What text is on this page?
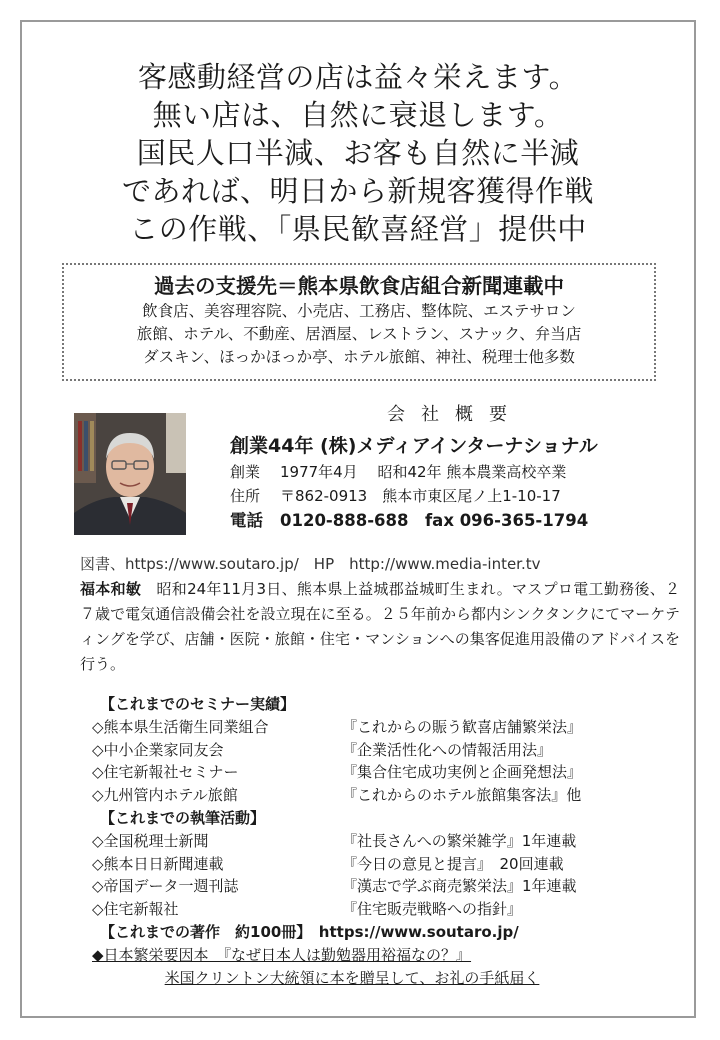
客感動経営の店は益々栄えます。
無い店は、自然に衰退します。
国民人口半減、お客も自然に半減
であれば、明日から新規客獲得作戦
この作戦、「県民歓喜経営」提供中
過去の支援先＝熊本県飲食店組合新聞連載中
飲食店、美容理容院、小売店、工務店、整体院、エステサロン
旅館、ホテル、不動産、居酒屋、レストラン、スナック、弁当店
ダスキン、ほっかほっか亭、ホテル旅館、神社、税理士他多数
会社概要
創業44年 (株)メディアインターナショナル
創業 1977年4月　 昭和42年 熊本農業高校卒業
住所 〒862-0913　熊本市東区尾ノ上1-10-17
電話 0120-888-688　fax 096-365-1794
図書、https://www.soutaro.jp/　HP　http://www.media-inter.tv
福本和敏　昭和24年11月3日、熊本県上益城郡益城町生まれ。マスプロ電工勤務後、２７歳で電気通信設備会社を設立現在に至る。２５年前から都内シンクタンクにてマーケティングを学び、店舗・医院・旅館・住宅・マンションへの集客促進用設備のアドバイスを行う。
【これまでのセミナー実績】
◇熊本県生活衛生同業組合	『これからの賑う歓喜店舗繁栄法』
◇中小企業家同友会	『企業活性化への情報活用法』
◇住宅新報社セミナー	『集合住宅成功実例と企画発想法』
◇九州管内ホテル旅館	『これからのホテル旅館集客法』他
【これまでの執筆活動】
◇全国税理士新聞	『社長さんへの繁栄雑学』1年連載
◇熊本日日新聞連載	『今日の意見と提言』　20回連載
◇帝国データ一週刊誌	『漢志で学ぶ商売繁栄法』1年連載
◇住宅新報社	『住宅販売戦略への指針』
【これまでの著作　約100冊】　https://www.soutaro.jp/
◆日本繁栄要因本　『なぜ日本人は勤勉器用裕福なの？』
米国クリントン大統領に本を贈呈して、お礼の手紙届く
